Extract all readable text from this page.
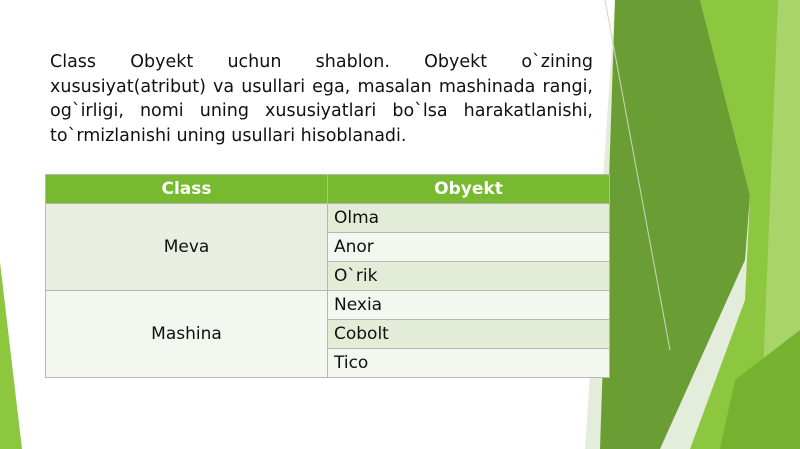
Class Obyekt uchun shablon. Obyekt o`zining xususiyat(atribut) va usullari ega, masalan mashinada rangi, og`irligi, nomi uning xususiyatlari bo`lsa harakatlanishi, to`rmizlanishi uning usullari hisoblanadi.

Class	Obyekt
Meva	Olma
	Anor
	O`rik
Mashina	Nexia
	Cobolt
	Tico
